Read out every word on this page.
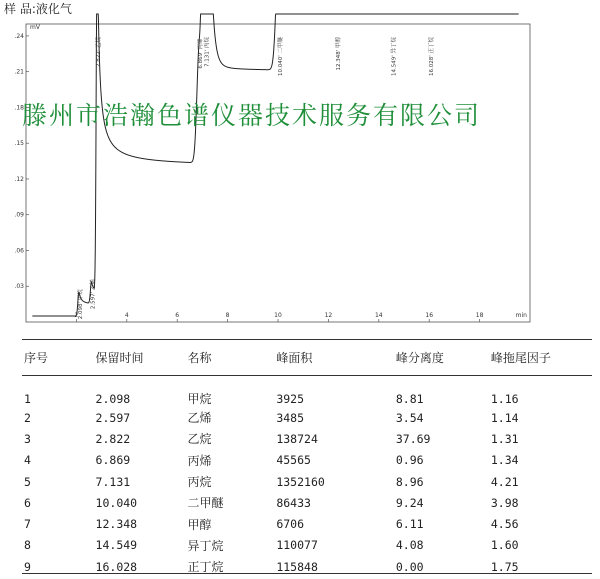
样 品:液化气
.03
.06
.09
.12
.15
.18
.21
.24
mV
2	4	6	8	10	12	14	16	18	min
2.098' 甲烷	2.597' 乙烯
2.822' 乙烷	6.869' 丙烯 7.131' 丙烷	10.040' 二甲醚	12.348' 甲醇	14.549' 异丁烷	16.028' 正丁烷
滕州市浩瀚色谱仪器技术服务有限公司
序号	保留时间	名称	峰面积	峰分离度	峰拖尾因子
1	2.098	甲烷	3925	8.81	1.16
2	2.597	乙烯	3485	3.54	1.14
3	2.822	乙烷	138724	37.69	1.31
4	6.869	丙烯	45565	0.96	1.34
5	7.131	丙烷	1352160	8.96	4.21
6	10.040	二甲醚	86433	9.24	3.98
7	12.348	甲醇	6706	6.11	4.56
8	14.549	异丁烷	110077	4.08	1.60
9	16.028	正丁烷	115848	0.00	1.75
